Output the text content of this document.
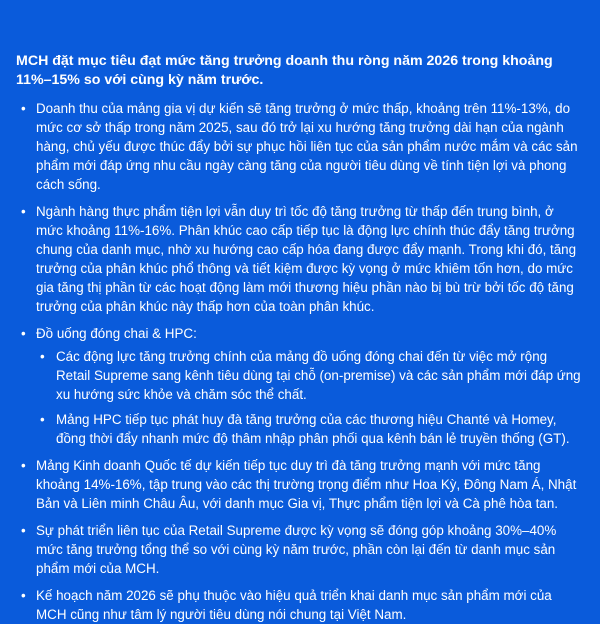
MCH đặt mục tiêu đạt mức tăng trưởng doanh thu ròng năm 2026 trong khoảng 11%–15% so với cùng kỳ năm trước.

• Doanh thu của mảng gia vị dự kiến sẽ tăng trưởng ở mức thấp, khoảng trên 11%-13%, do mức cơ sở thấp trong năm 2025, sau đó trở lại xu hướng tăng trưởng dài hạn của ngành hàng, chủ yếu được thúc đẩy bởi sự phục hồi liên tục của sản phẩm nước mắm và các sản phẩm mới đáp ứng nhu cầu ngày càng tăng của người tiêu dùng về tính tiện lợi và phong cách sống.
• Ngành hàng thực phẩm tiện lợi vẫn duy trì tốc độ tăng trưởng từ thấp đến trung bình, ở mức khoảng 11%-16%. Phân khúc cao cấp tiếp tục là động lực chính thúc đẩy tăng trưởng chung của danh mục, nhờ xu hướng cao cấp hóa đang được đẩy mạnh. Trong khi đó, tăng trưởng của phân khúc phổ thông và tiết kiệm được kỳ vọng ở mức khiêm tốn hơn, do mức gia tăng thị phần từ các hoạt động làm mới thương hiệu phần nào bị bù trừ bởi tốc độ tăng trưởng của phân khúc này thấp hơn của toàn phân khúc.
• Đồ uống đóng chai & HPC:
• Các động lực tăng trưởng chính của mảng đồ uống đóng chai đến từ việc mở rộng Retail Supreme sang kênh tiêu dùng tại chỗ (on-premise) và các sản phẩm mới đáp ứng xu hướng sức khỏe và chăm sóc thể chất.
• Mảng HPC tiếp tục phát huy đà tăng trưởng của các thương hiệu Chanté và Homey, đồng thời đẩy nhanh mức độ thâm nhập phân phối qua kênh bán lẻ truyền thống (GT).
• Mảng Kinh doanh Quốc tế dự kiến tiếp tục duy trì đà tăng trưởng mạnh với mức tăng khoảng 14%-16%, tập trung vào các thị trường trọng điểm như Hoa Kỳ, Đông Nam Á, Nhật Bản và Liên minh Châu Âu, với danh mục Gia vị, Thực phẩm tiện lợi và Cà phê hòa tan.
• Sự phát triển liên tục của Retail Supreme được kỳ vọng sẽ đóng góp khoảng 30%–40% mức tăng trưởng tổng thể so với cùng kỳ năm trước, phần còn lại đến từ danh mục sản phẩm mới của MCH.
• Kế hoạch năm 2026 sẽ phụ thuộc vào hiệu quả triển khai danh mục sản phẩm mới của MCH cũng như tâm lý người tiêu dùng nói chung tại Việt Nam.
